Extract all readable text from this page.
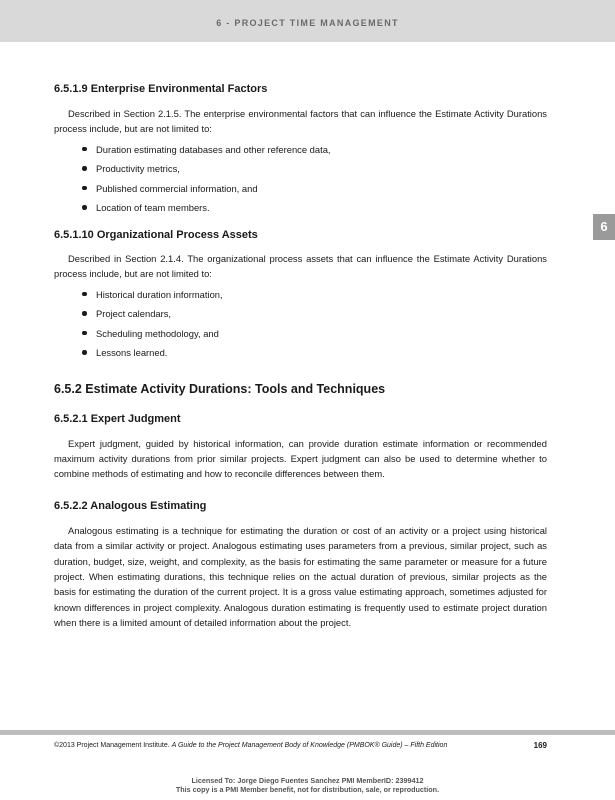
6 - PROJECT TIME MANAGEMENT
6
6.5.1.9 Enterprise Environmental Factors

Described in Section 2.1.5. The enterprise environmental factors that can influence the Estimate Activity Durations process include, but are not limited to:

Duration estimating databases and other reference data,
Productivity metrics,
Published commercial information, and
Location of team members.
6.5.1.10 Organizational Process Assets

Described in Section 2.1.4. The organizational process assets that can influence the Estimate Activity Durations process include, but are not limited to:

Historical duration information,
Project calendars,
Scheduling methodology, and
Lessons learned.
6.5.2 Estimate Activity Durations: Tools and Techniques
6.5.2.1 Expert Judgment

Expert judgment, guided by historical information, can provide duration estimate information or recommended maximum activity durations from prior similar projects. Expert judgment can also be used to determine whether to combine methods of estimating and how to reconcile differences between them.

6.5.2.2 Analogous Estimating

Analogous estimating is a technique for estimating the duration or cost of an activity or a project using historical data from a similar activity or project. Analogous estimating uses parameters from a previous, similar project, such as duration, budget, size, weight, and complexity, as the basis for estimating the same parameter or measure for a future project. When estimating durations, this technique relies on the actual duration of previous, similar projects as the basis for estimating the duration of the current project. It is a gross value estimating approach, sometimes adjusted for known differences in project complexity. Analogous duration estimating is frequently used to estimate project duration when there is a limited amount of detailed information about the project.

©2013 Project Management Institute. A Guide to the Project Management Body of Knowledge (PMBOK® Guide) – Fifth Edition	169
Licensed To: Jorge Diego Fuentes Sanchez PMI MemberID: 2399412
This copy is a PMI Member benefit, not for distribution, sale, or reproduction.
